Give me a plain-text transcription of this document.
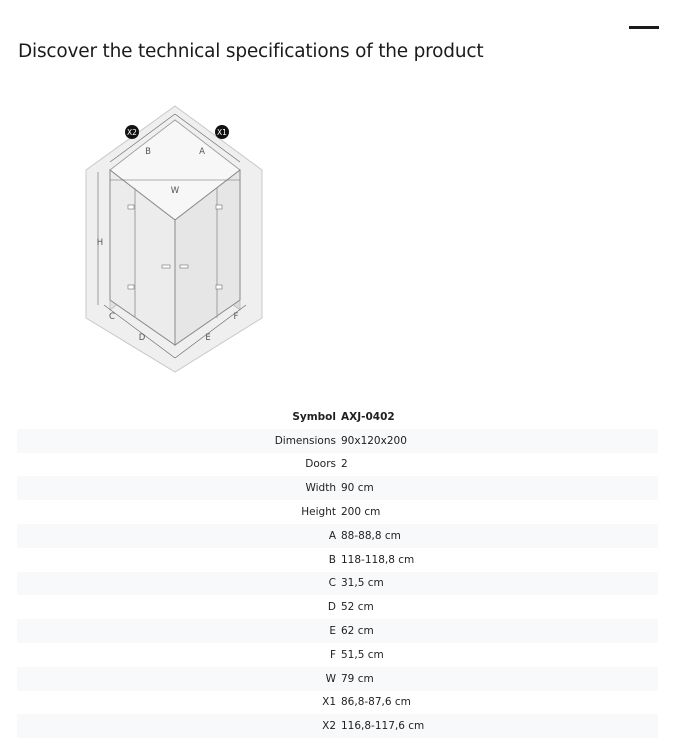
Discover the technical specifications of the product
X2	X1
B	A
W
H
C
D	E
F
Symbol AXJ-0402
Dimensions 90x120x200
Doors 2
Width 90 cm
Height 200 cm
A 88-88,8 cm
B 118-118,8 cm
C 31,5 cm
D 52 cm
E 62 cm
F 51,5 cm
W 79 cm
X1 86,8-87,6 cm
X2 116,8-117,6 cm
